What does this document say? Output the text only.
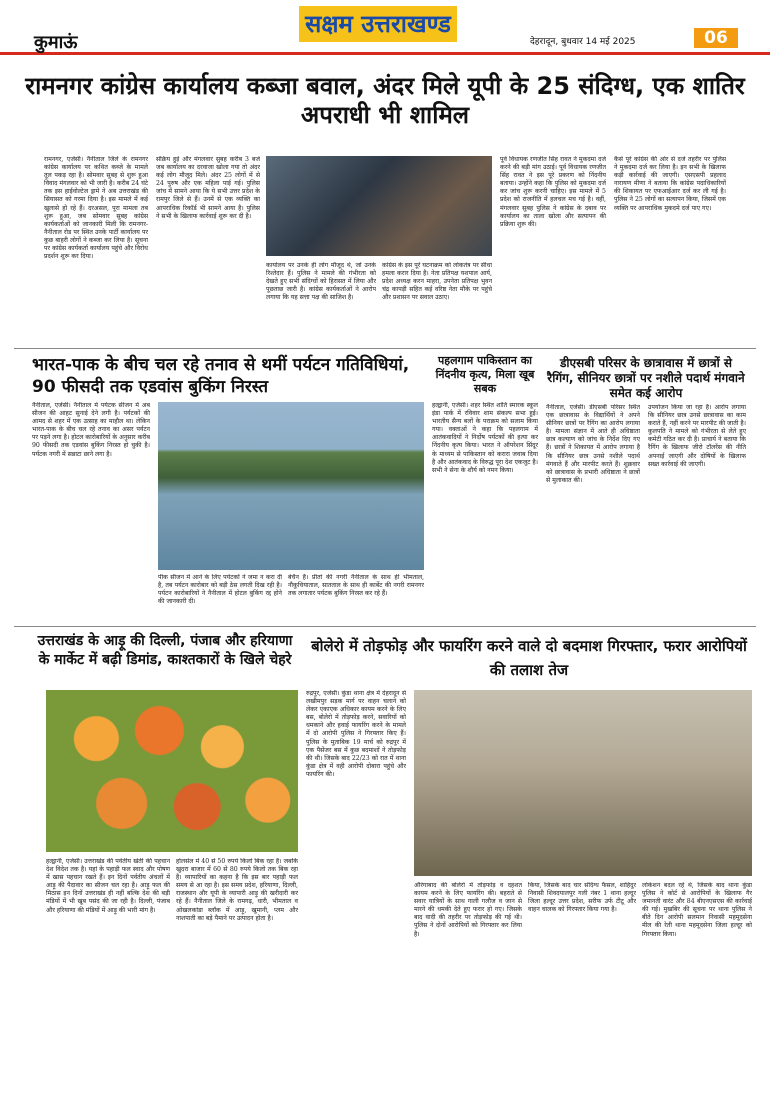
कुमाऊं
सक्षम उत्तराखण्ड
देहरादून, बुधवार 14 मई 2025	06
रामनगर कांग्रेस कार्यालय कब्जा बवाल, अंदर मिले यूपी के 25 संदिग्ध, एक शातिर अपराधी भी शामिल
रामनगर, एजेंसी। नैनीताल जिले के रामनगर कांग्रेस कार्यालय पर कथित कब्जे के मामले तूल पकड़ रहा है। सोमवार सुबह से शुरू हुआ विवाद मंगलवार को भी जारी है। करीब 24 घंटे तक इस हाईवोल्टेज ड्रामे ने अब उत्तराखंड की सियासत को गरमा दिया है। इस मामले में कई खुलासे हो रहे हैं। दरअसल, पूरा मामला तब शुरू हुआ, जब सोमवार सुबह कांग्रेस कार्यकर्ताओं को जानकारी मिली कि रामनगर-नैनीताल रोड पर स्थित उनके पार्टी कार्यालय पर कुछ बाहरी लोगों ने कब्जा कर लिया है। सूचना पर कांग्रेस कार्यकर्ता कार्यालय पहुंचे और विरोध प्रदर्शन शुरू कर दिया।
संक्रिय हुई और मंगलवार सुबह करीब 3 बजे जब कार्यालय का दरवाजा खोला गया तो अंदर कई लोग मौजूद मिले। अंदर 25 लोगों में से 24 पुरुष और एक महिला पाई गई। पुलिस जांच में सामने आया कि ये सभी उत्तर प्रदेश के रामपुर जिले से हैं। उनमें से एक व्यक्ति का आपराधिक रिकॉर्ड भी सामने आया है। पुलिस ने सभी के खिलाफ कार्रवाई शुरू कर दी है।
कार्यालय पर उनके ही लोग मौजूद थे, जो उनके रिश्तेदार हैं। पुलिस ने मामले की गंभीरता को देखते हुए सभी संदिग्धों को हिरासत में लिया और पूछताछ जारी है। कांग्रेस कार्यकर्ताओं ने आरोप लगाया कि यह सत्ता पक्ष की साजिश है।
कांग्रेस के इस पूरे घटनाक्रम को लोकतंत्र पर सीधा हमला करार दिया है। नेता प्रतिपक्ष यशपाल आर्य, प्रदेश अध्यक्ष करन माहरा, उपनेता प्रतिपक्ष भुवन चंद्र कापड़ी सहित कई वरिष्ठ नेता मौके पर पहुंचे और प्रशासन पर सवाल उठाए।
पूर्व विधायक रणजीत सिंह रावत ने मुकदमा दर्ज करने की बड़ी मांग उठाई। पूर्व विधायक रणजीत सिंह रावत ने इस पूरे प्रकरण को निंदनीय बताया। उन्होंने कहा कि पुलिस को मुकदमा दर्ज कर जांच शुरू करनी चाहिए। इस मामले में 5 प्रदेश को राजनीति में हलचल मच गई है। वहीं, मंगलवार सुबह पुलिस ने कांग्रेस के दबाव पर कार्यालय का ताला खोला और सत्यापन की प्रक्रिया शुरू की।
कैसे पूरे कांग्रेस की ओर से दर्ज तहरीर पर पुलिस ने मुकदमा दर्ज कर लिया है। इन सभी के खिलाफ कड़ी कार्रवाई की जाएगी। एसएसपी प्रहलाद नारायण मीणा ने बताया कि कांग्रेस पदाधिकारियों की शिकायत पर एफआईआर दर्ज कर ली गई है। पुलिस ने 25 लोगों का सत्यापन किया, जिसमें एक व्यक्ति पर आपराधिक मुकदमे दर्ज पाए गए।
भारत-पाक के बीच चल रहे तनाव से थमीं पर्यटन गतिविधियां, 90 फीसदी तक एडवांस बुकिंग निरस्त
नैनीताल, एजेंसी। नैनीताल में पर्यटक सीजन में अब सीजन की आहट सुनाई देने लगी है। पर्यटकों की आमद से शहर में एक उत्साह का माहौल था। लेकिन भारत-पाक के बीच चल रहे तनाव का असर पर्यटन पर पड़ने लगा है। होटल कारोबारियों के अनुसार करीब 90 फीसदी तक एडवांस बुकिंग निरस्त हो चुकी है। पर्यटक नगरी में सन्नाटा छाने लगा है।
पीक सीजन में आने के लिए पर्यटकों ने जमा न करा दी है, तब पर्यटन कारोबार को बड़ी ठेस लगती दिख रही है। पर्यटन कारोबारियों ने नैनीताल में होटल बुकिंग रद्द होने की जानकारी दी।
बेचैन हैं। प्रीतो की नगरी नैनीताल के साथ ही भीमताल, नौकुचियाताल, सातताल के साथ ही कार्बेट की नगरी रामनगर तक लगातार पर्यटक बुकिंग निरस्त कर रहे हैं।
पहलगाम पाकिस्तान का निंदनीय कृत्य, मिला खूब सबक
हल्द्वानी, एजेंसी। शहर स्थित शांति स्मारक स्कूल इंडा पार्क में रविवार शाम संकल्प सभा हुई। भारतीय सैन्य बलों के पराक्रम को सलाम किया गया। वक्ताओं ने कहा कि पहलगाम में आतंकवादियों ने निर्दोष पर्यटकों की हत्या कर निंदनीय कृत्य किया। भारत ने ऑपरेशन सिंदूर के माध्यम से पाकिस्तान को करारा जवाब दिया है और आतंकवाद के विरुद्ध पूरा देश एकजुट है। सभी ने सेना के शौर्य को नमन किया।
डीएसबी परिसर के छात्रावास में छात्रों से रैगिंग, सीनियर छात्रों पर नशीले पदार्थ मंगवाने समेत कई आरोप
नैनीताल, एजेंसी। डीएसबी परिसर स्थित एक छात्रावास के विद्यार्थियों ने अपने सीनियर छात्रों पर रैगिंग का आरोप लगाया है। मामला संज्ञान में आते ही अधिष्ठाता छात्र कल्याण को जांच के निर्देश दिए गए हैं। छात्रों ने शिकायत में आरोप लगाया है कि सीनियर छात्र उनसे नशीले पदार्थ मंगवाते हैं और मारपीट करते हैं। शुक्रवार को छात्रावास के प्रभारी अधिष्ठाता ने छात्रों से मुलाकात की।
उपयोजन किया जा रहा है। आरोप लगाया कि सीनियर छात्र उनसे छात्रावास का काम कराते हैं, नहीं करने पर मारपीट की जाती है। कुलपति ने मामले को गंभीरता से लेते हुए कमेटी गठित कर दी है। प्राचार्य ने बताया कि रैगिंग के खिलाफ जीरो टॉलरेंस की नीति अपनाई जाएगी और दोषियों के खिलाफ सख्त कार्रवाई की जाएगी।
उत्तराखंड के आड़ू की दिल्ली, पंजाब और हरियाणा के मार्केट में बढ़ी डिमांड, काश्तकारों के खिले चेहरे
हल्द्वानी, एजेंसी। उत्तराखंड की पर्वतीय खेती की पहचान देश विदेश तक है। यहां के पहाड़ी फल स्वाद और पोषण में खास पहचान रखते हैं। इन दिनों पर्वतीय अंचलों में आड़ू की पैदावार का सीजन चल रहा है। आड़ू फल की मिठास इन दिनों उत्तराखंड ही नहीं बल्कि देश की बड़ी मंडियों में भी खूब पसंद की जा रही है। दिल्ली, पंजाब और हरियाणा की मंडियों में आड़ू की भारी मांग है।
होलसेल में 40 से 50 रुपये किलो बिक रहा है। जबकि खुदरा बाजार में 60 से 80 रुपये किलो तक बिक रहा है। व्यापारियों का कहना है कि इस बार पहाड़ी फल समय से आ रहा है। इस समय प्रदेश, हरियाणा, दिल्ली, राजस्थान और यूपी के व्यापारी आड़ू की खरीदारी कर रहे हैं। नैनीताल जिले के रामगढ़, धारी, भीमताल व ओखलकांडा ब्लॉक में आड़ू, खुमानी, प्लम और नाशपाती का बड़े पैमाने पर उत्पादन होता है।
बोलेरो में तोड़फोड़ और फायरिंग करने वाले दो बदमाश गिरफ्तार, फरार आरोपियों की तलाश तेज
रुद्रपुर, एजेंसी। कुंडा थाना क्षेत्र में देहरादून से लखीमपुर सड़क मार्ग पर वाहन चलाने को लेकर एकाएक अधिकार कायम करने के लिए बस, बोलेरो में तोड़फोड़ करने, सवारियों को धमकाने और हवाई फायरिंग करने के मामले में दो आरोपी पुलिस ने गिरफ्तार किए हैं। पुलिस के मुताबिक 19 मार्च को रुद्रपुर में एक पैसेंजर बस में कुछ बदमाशों ने तोड़फोड़ की थी। जिसके बाद 22/23 को रात में थाना कुंडा क्षेत्र में वही आरोपी दोबारा पहुंचे और फायरिंग की।
औरंगाबाद की बोलेरो में तोड़फोड़ व दहशत कायम करने के लिए फायरिंग की। बहराते से सवार यात्रियों के साथ गाली गलौज व जान से मारने की धमकी देते हुए फरार हो गए। जिसके बाद वादी की तहरीर पर तोड़फोड़ की गई थी। पुलिस ने दोनों आरोपियों को गिरफ्तार कर लिया है।
किया, जिसके बाद चार संदिग्ध फैसल, शाहिदुर निवासी शिवदयालपुर गली नंबर 1 थाना हल्दूर जिला हल्दूर उत्तर प्रदेश, सरीफ उर्फ टीटू और वाहन चालक को गिरफ्तार किया गया है।
लोकेशन बदल रहे थे, जिसके बाद थाना कुंडा पुलिस ने कोर्ट से आरोपियों के खिलाफ गैर जमानती वारंट और 84 बीएनएसएस की कार्रवाई की गई। मुखबिर की सूचना पर थाना पुलिस ने बीते दिन आरोपी सलमान निवासी महमूदसेना मील की रेती थाना महमूदसेना जिला हल्दूर को गिरफ्तार किया।
